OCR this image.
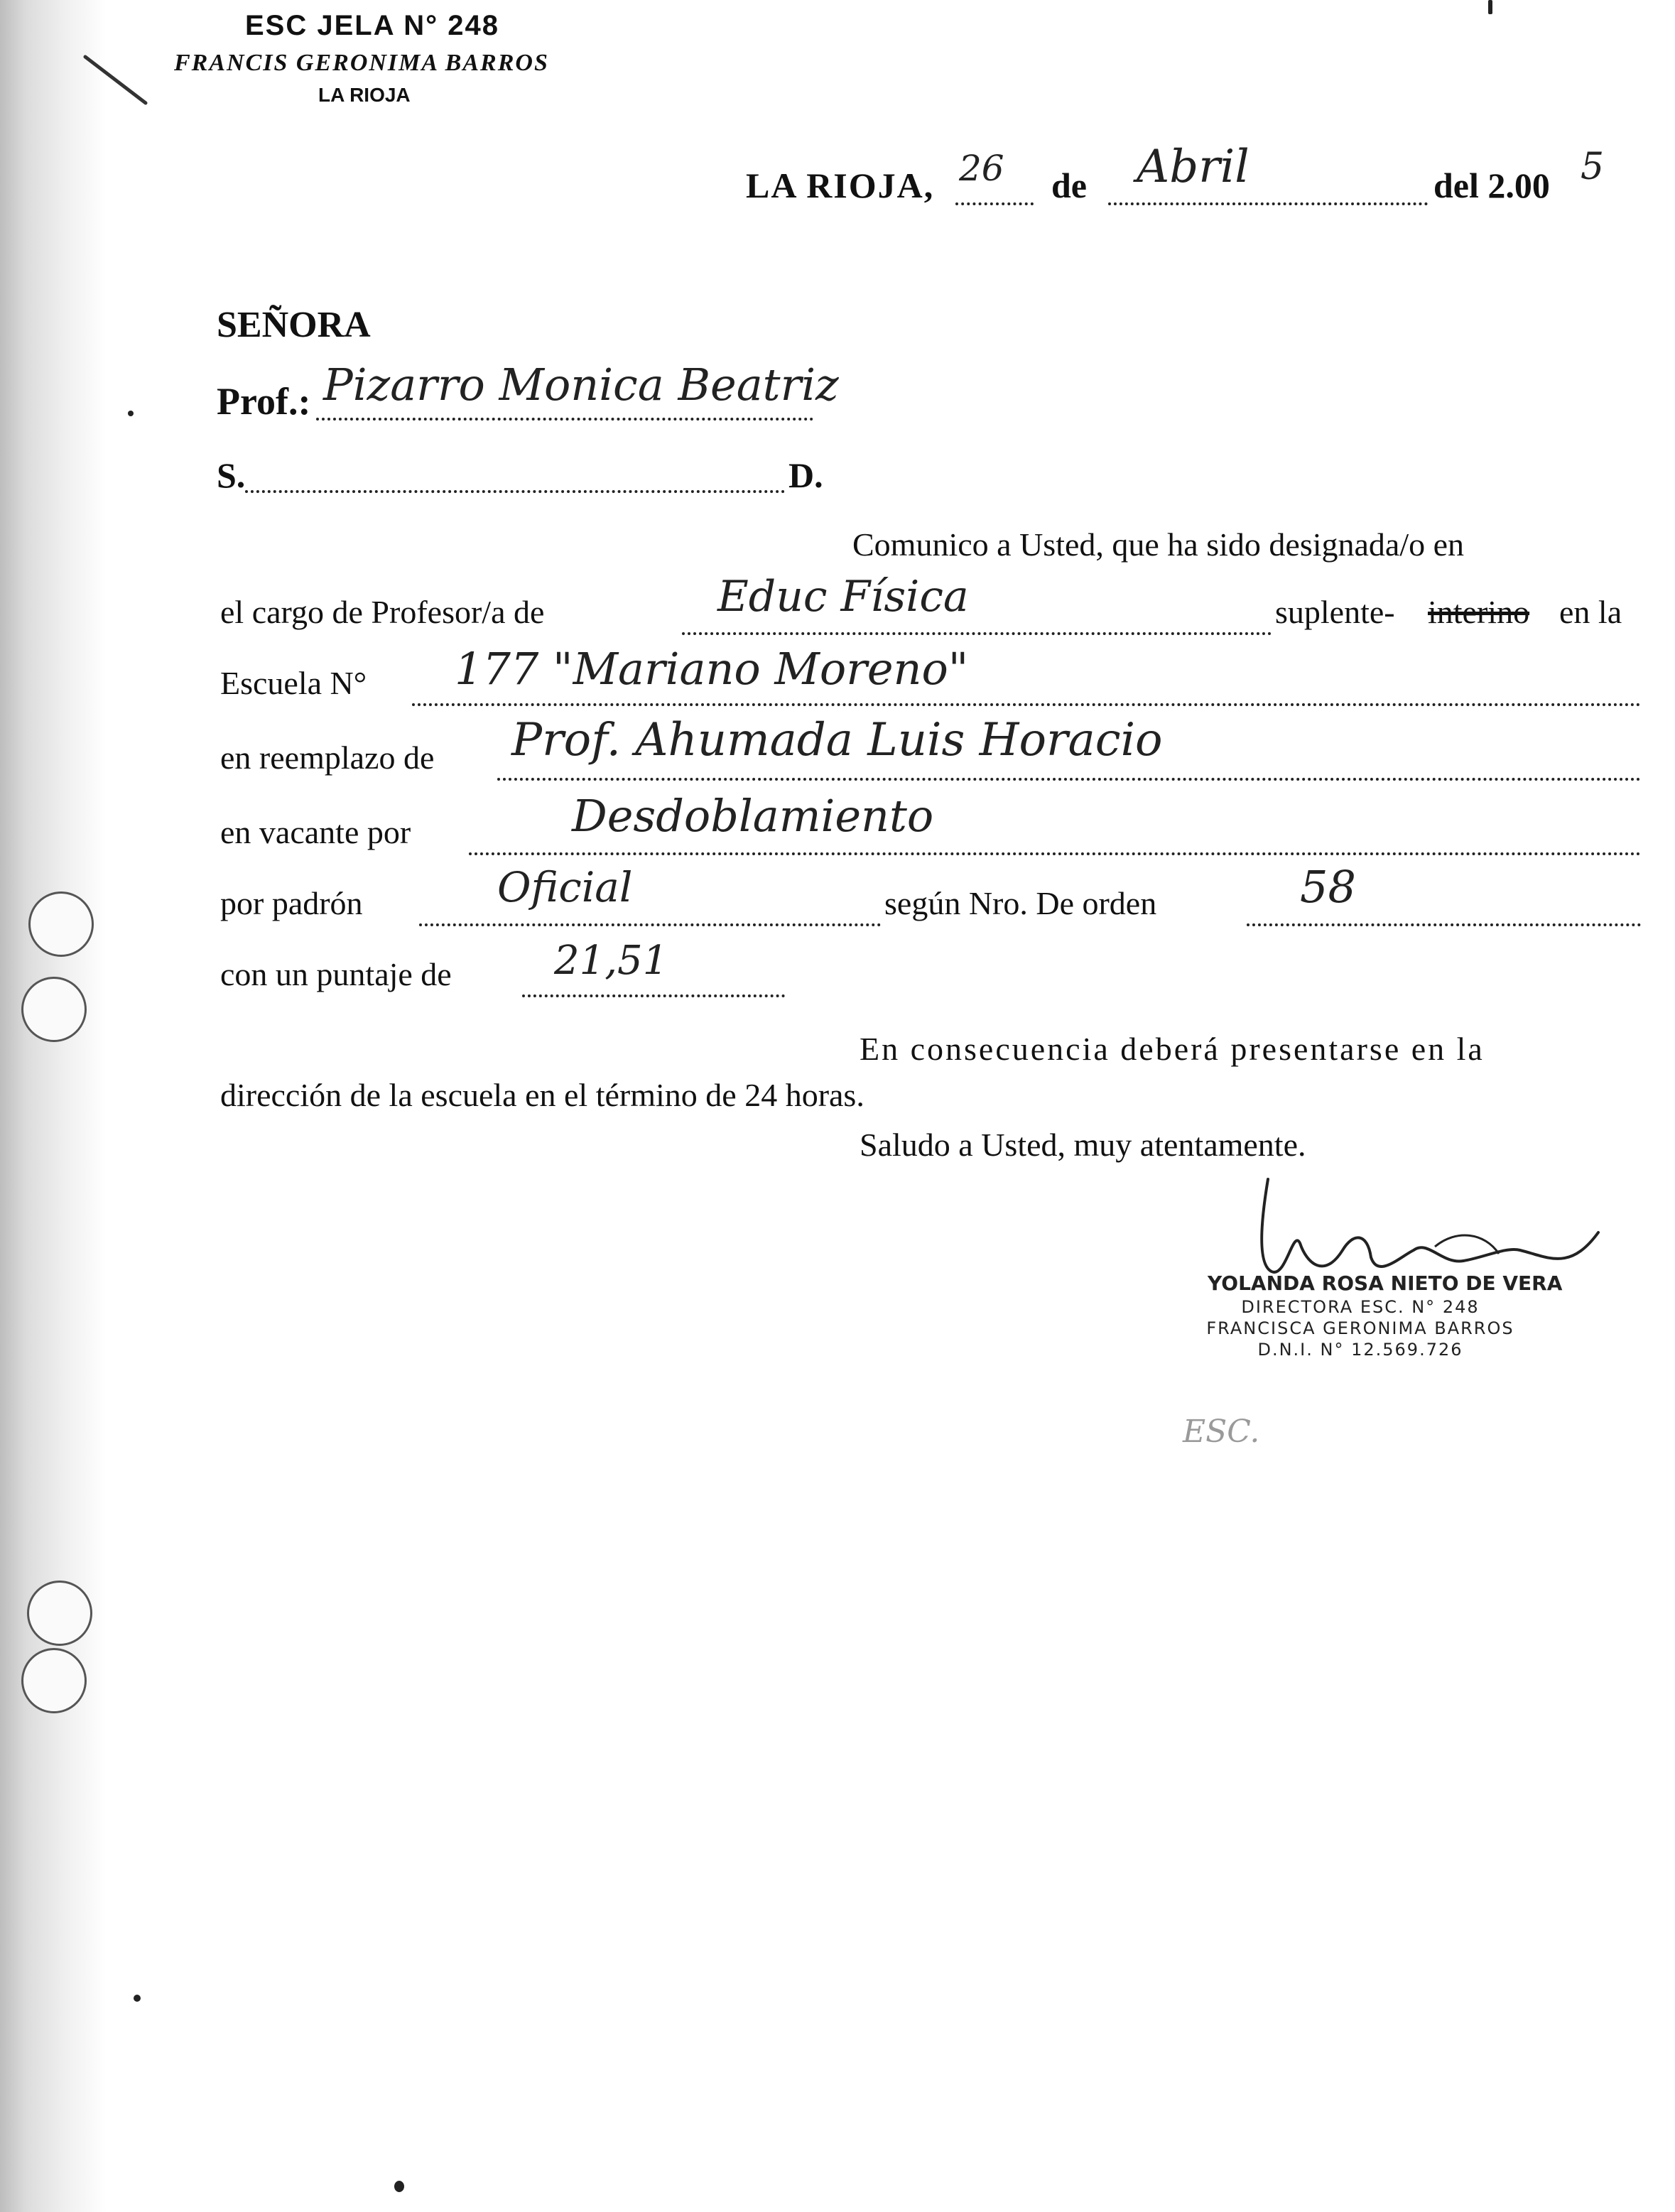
ESC JELA N° 248
FRANCIS GERONIMA BARROS
LA RIOJA
LA RIOJA, 26 de Abril	del 2.00 5
SEÑORA
Prof.: Pizarro Monica Beatriz
S.	D.
Comunico a Usted, que ha sido designada/o en
el cargo de Profesor/a de	Educ Física	suplente- interino en la
Escuela N° 177 "Mariano Moreno"
en reemplazo de Prof. Ahumada Luis Horacio
en vacante por	Desdoblamiento
por padrón	Oficial	según Nro. De orden	58
con un puntaje de	21,51
En consecuencia deberá presentarse en la
dirección de la escuela en el término de 24 horas.
Saludo a Usted, muy atentamente.
YOLANDA ROSA NIETO DE VERA
DIRECTORA ESC. N° 248
FRANCISCA GERONIMA BARROS
D.N.I. N° 12.569.726
ESC.
